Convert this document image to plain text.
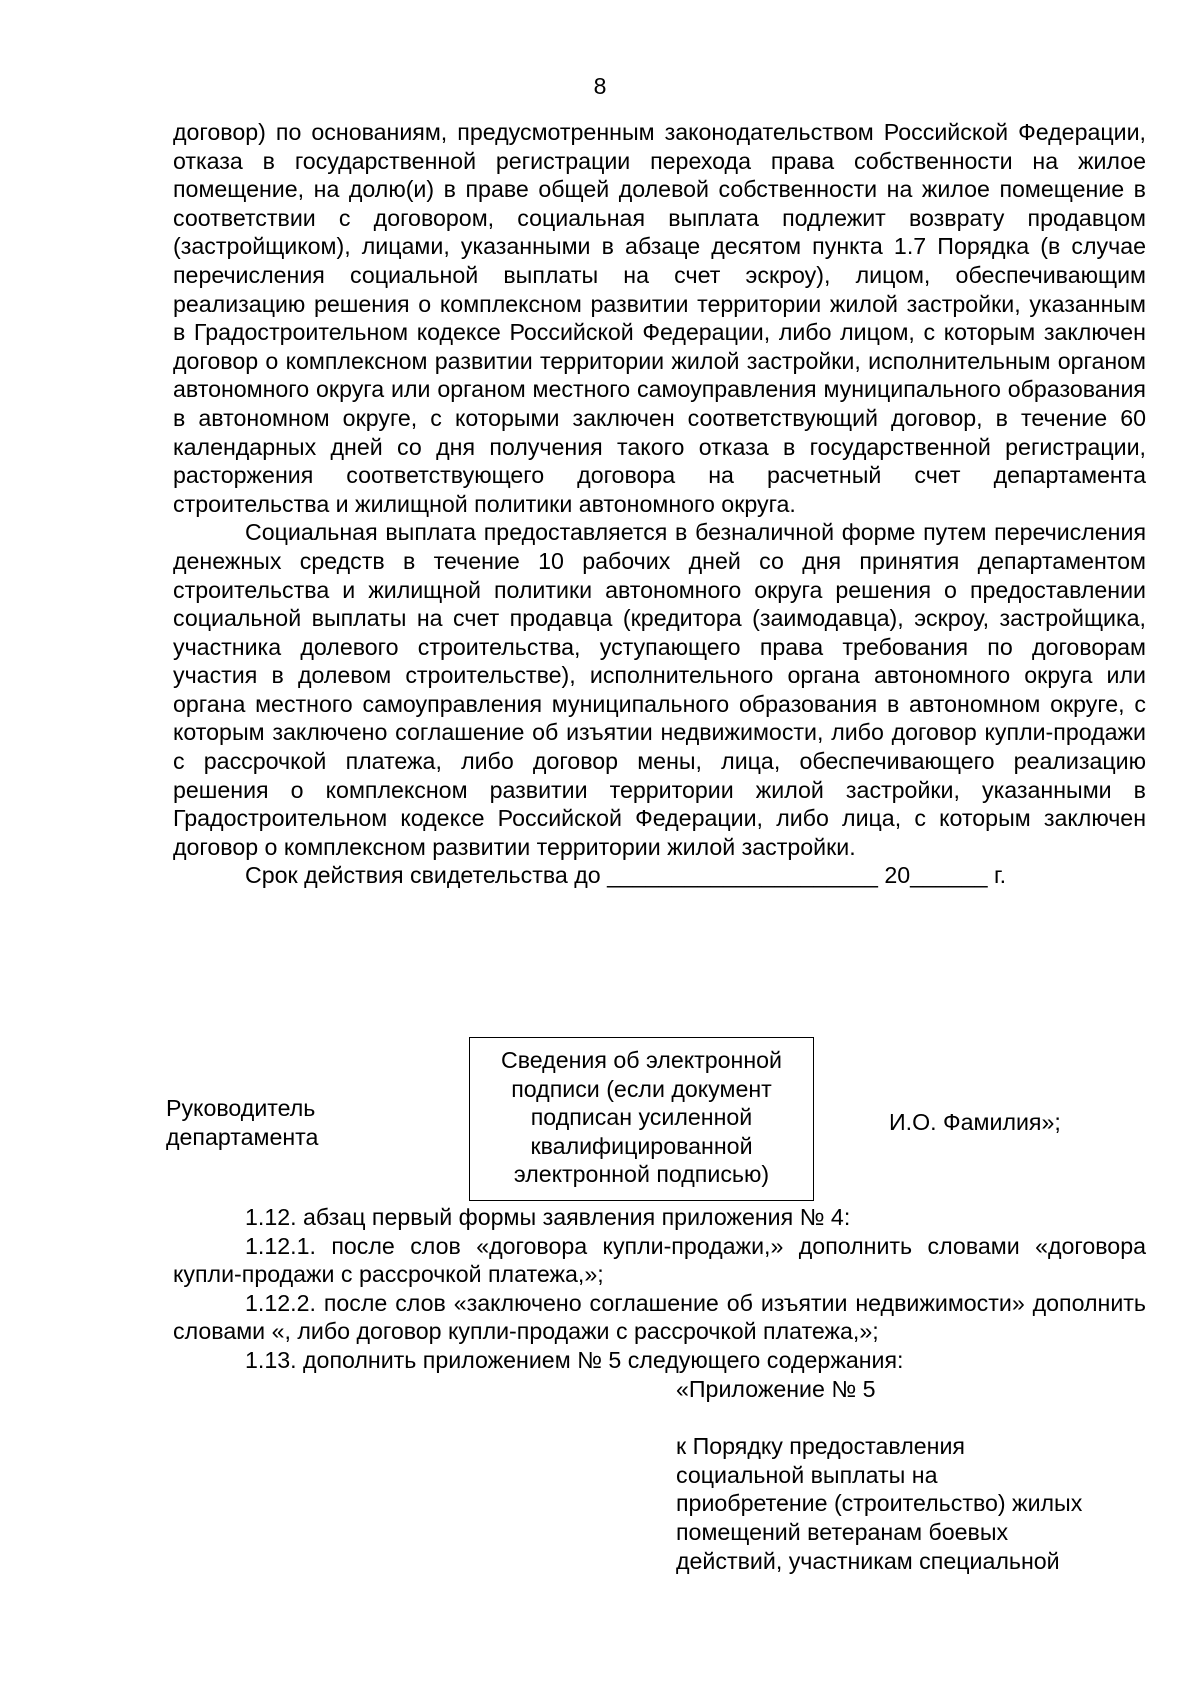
8

договор) по основаниям, предусмотренным законодательством Российской Федерации, отказа в государственной регистрации перехода права собственности на жилое помещение, на долю(и) в праве общей долевой собственности на жилое помещение в соответствии с договором, социальная выплата подлежит возврату продавцом (застройщиком), лицами, указанными в абзаце десятом пункта 1.7 Порядка (в случае перечисления социальной выплаты на счет эскроу), лицом, обеспечивающим реализацию решения о комплексном развитии территории жилой застройки, указанным в Градостроительном кодексе Российской Федерации, либо лицом, с которым заключен договор о комплексном развитии территории жилой застройки, исполнительным органом автономного округа или органом местного самоуправления муниципального образования в автономном округе, с которыми заключен соответствующий договор, в течение 60 календарных дней со дня получения такого отказа в государственной регистрации, расторжения соответствующего договора на расчетный счет департамента строительства и жилищной политики автономного округа.

Социальная выплата предоставляется в безналичной форме путем перечисления денежных средств в течение 10 рабочих дней со дня принятия департаментом строительства и жилищной политики автономного округа решения о предоставлении социальной выплаты на счет продавца (кредитора (заимодавца), эскроу, застройщика, участника долевого строительства, уступающего права требования по договорам участия в долевом строительстве), исполнительного органа автономного округа или органа местного самоуправления муниципального образования в автономном округе, с которым заключено соглашение об изъятии недвижимости, либо договор купли-продажи с рассрочкой платежа, либо договор мены, лица, обеспечивающего реализацию решения о комплексном развитии территории жилой застройки, указанными в Градостроительном кодексе Российской Федерации, либо лица, с которым заключен договор о комплексном развитии территории жилой застройки.

Срок действия свидетельства до _____________________ 20______ г.

Руководитель
департамента
Сведения об электронной
подписи (если документ
подписан усиленной
квалифицированной
электронной подписью)
И.О. Фамилия»;

1.12. абзац первый формы заявления приложения № 4:

1.12.1. после слов «договора купли-продажи,» дополнить словами «договора купли-продажи с рассрочкой платежа,»;

1.12.2. после слов «заключено соглашение об изъятии недвижимости» дополнить словами «, либо договор купли-продажи с рассрочкой платежа,»;

1.13. дополнить приложением № 5 следующего содержания:

«Приложение № 5
к Порядку предоставления
социальной выплаты на
приобретение (строительство) жилых
помещений ветеранам боевых
действий, участникам специальной
